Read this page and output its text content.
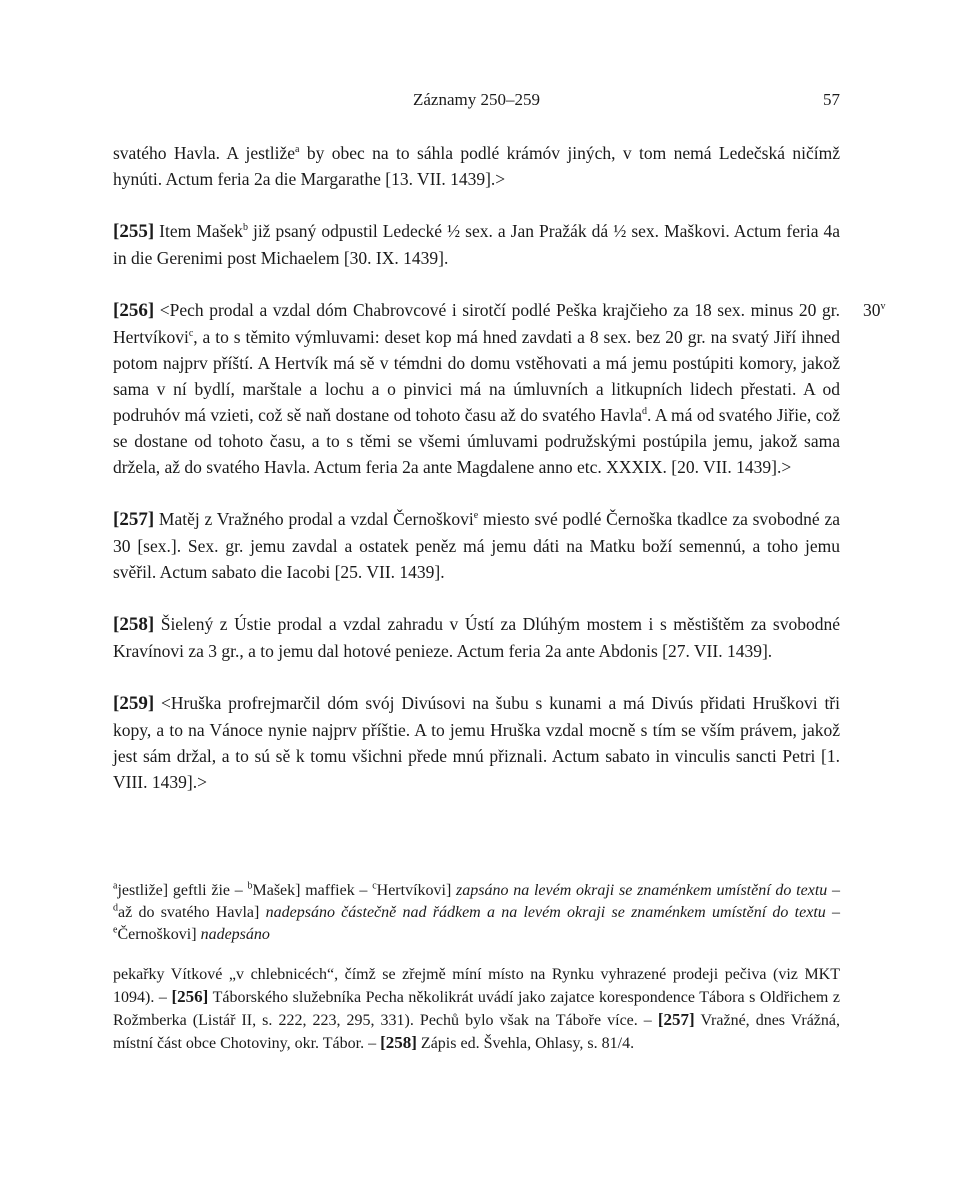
Záznamy 250–259	57

svatého Havla. A jestliže$^a$ by obec na to sáhla podlé krámóv jiných, v tom nemá Ledečská ničímž hynúti. Actum feria 2a die Margarathe [13. VII. 1439].>

[255] Item Mašek$^b$ již psaný odpustil Ledecké ½ sex. a Jan Pražák dá ½ sex. Maškovi. Actum feria 4a in die Gerenimi post Michaelem [30. IX. 1439].

30$^v$
[256] <Pech prodal a vzdal dóm Chabrovcové i sirotčí podlé Peška krajčieho za 18 sex. minus 20 gr. Hertvíkovi$^c$, a to s těmito výmluvami: deset kop má hned zavdati a 8 sex. bez 20 gr. na svatý Jiří ihned potom najprv příští. A Hertvík má sě v témdni do domu vstěhovati a má jemu postúpiti komory, jakož sama v ní bydlí, marštale a lochu a o pinvici má na úmluvních a litkupních lidech přestati. A od podruhóv má vzieti, což sě naň dostane od tohoto času až do svatého Havla$^d$. A má od svatého Jiřie, což se dostane od tohoto času, a to s těmi se všemi úmluvami podružskými postúpila jemu, jakož sama držela, až do svatého Havla. Actum feria 2a ante Magdalene anno etc. XXXIX. [20. VII. 1439].>

[257] Matěj z Vražného prodal a vzdal Černoškovi$^e$ miesto své podlé Černoška tkadlce za svobodné za 30 [sex.]. Sex. gr. jemu zavdal a ostatek peněz má jemu dáti na Matku boží semennú, a toho jemu svěřil. Actum sabato die Iacobi [25. VII. 1439].

[258] Šielený z Ústie prodal a vzdal zahradu v Ústí za Dlúhým mostem i s městištěm za svobodné Kravínovi za 3 gr., a to jemu dal hotové penieze. Actum feria 2a ante Abdonis [27. VII. 1439].

[259] <Hruška profrejmarčil dóm svój Divúsovi na šubu s kunami a má Divús přidati Hruškovi tři kopy, a to na Vánoce nynie najprv příštie. A to jemu Hruška vzdal mocně s tím se vším právem, jakož jest sám držal, a to sú sě k tomu všichni přede mnú přiznali. Actum sabato in vinculis sancti Petri [1. VIII. 1439].>

$^a$jestliže] geftli žie – $^b$Mašek] maffiek – $^c$Hertvíkovi] zapsáno na levém okraji se znaménkem umístění do textu – $^d$až do svatého Havla] nadepsáno částečně nad řádkem a na levém okraji se znaménkem umístění do textu – $^e$Černoškovi] nadepsáno
pekařky Vítkové „v chlebnicéch“, čímž se zřejmě míní místo na Rynku vyhrazené prodeji pečiva (viz MKT 1094). – [256] Táborského služebníka Pecha několikrát uvádí jako zajatce korespondence Tábora s Oldřichem z Rožmberka (Listář II, s. 222, 223, 295, 331). Pechů bylo však na Táboře více. – [257] Vražné, dnes Vrážná, místní část obce Chotoviny, okr. Tábor. – [258] Zápis ed. Švehla, Ohlasy, s. 81/4.
